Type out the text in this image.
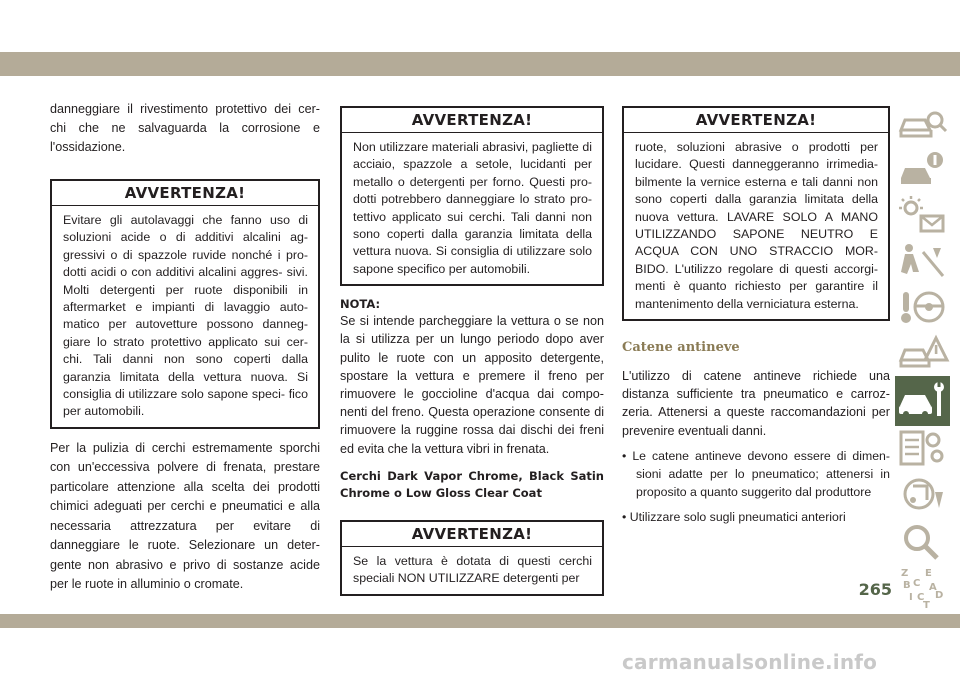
danneggiare il rivestimento protettivo dei cer- chi che ne salvaguarda la corrosione e l'ossidazione.

AVVERTENZA!
Evitare gli autolavaggi che fanno uso di soluzioni acide o di additivi alcalini ag- gressivi o di spazzole ruvide nonché i pro- dotti acidi o con additivi alcalini aggres- sivi. Molti detergenti per ruote disponibili in aftermarket e impianti di lavaggio auto- matico per autovetture possono danneg- giare lo strato protettivo applicato sui cer- chi. Tali danni non sono coperti dalla garanzia limitata della vettura nuova. Si consiglia di utilizzare solo sapone speci- fico per automobili.

Per la pulizia di cerchi estremamente sporchi con un'eccessiva polvere di frenata, prestare particolare attenzione alla scelta dei prodotti chimici adeguati per cerchi e pneumatici e alla necessaria attrezzatura per evitare di danneggiare le ruote. Selezionare un deter- gente non abrasivo e privo di sostanze acide per le ruote in alluminio o cromate.

AVVERTENZA!
Non utilizzare materiali abrasivi, pagliette di acciaio, spazzole a setole, lucidanti per metallo o detergenti per forno. Questi pro- dotti potrebbero danneggiare lo strato pro- tettivo applicato sui cerchi. Tali danni non sono coperti dalla garanzia limitata della vettura nuova. Si consiglia di utilizzare solo sapone specifico per automobili.
NOTA:

Se si intende parcheggiare la vettura o se non la si utilizza per un lungo periodo dopo aver pulito le ruote con un apposito detergente, spostare la vettura e premere il freno per rimuovere le goccioline d'acqua dai compo- nenti del freno. Questa operazione consente di rimuovere la ruggine rossa dai dischi dei freni ed evita che la vettura vibri in frenata.

Cerchi Dark Vapor Chrome, Black Satin Chrome o Low Gloss Clear Coat
AVVERTENZA!
Se la vettura è dotata di questi cerchi speciali NON UTILIZZARE detergenti per
AVVERTENZA!
ruote, soluzioni abrasive o prodotti per lucidare. Questi danneggeranno irrimedia- bilmente la vernice esterna e tali danni non sono coperti dalla garanzia limitata della nuova vettura. LAVARE SOLO A MANO UTILIZZANDO SAPONE NEUTRO E ACQUA CON UNO STRACCIO MOR- BIDO. L'utilizzo regolare di questi accorgi- menti è quanto richiesto per garantire il mantenimento della verniciatura esterna.
Catene antineve

L'utilizzo di catene antineve richiede una distanza sufficiente tra pneumatico e carroz- zeria. Attenersi a queste raccomandazioni per prevenire eventuali danni.

• Le catene antineve devono essere di dimen- sioni adatte per lo pneumatico; attenersi in proposito a quanto suggerito dal produttore
• Utilizzare solo sugli pneumatici anteriori
Z E
B C A
I C D
T
265
carmanualsonline.info
